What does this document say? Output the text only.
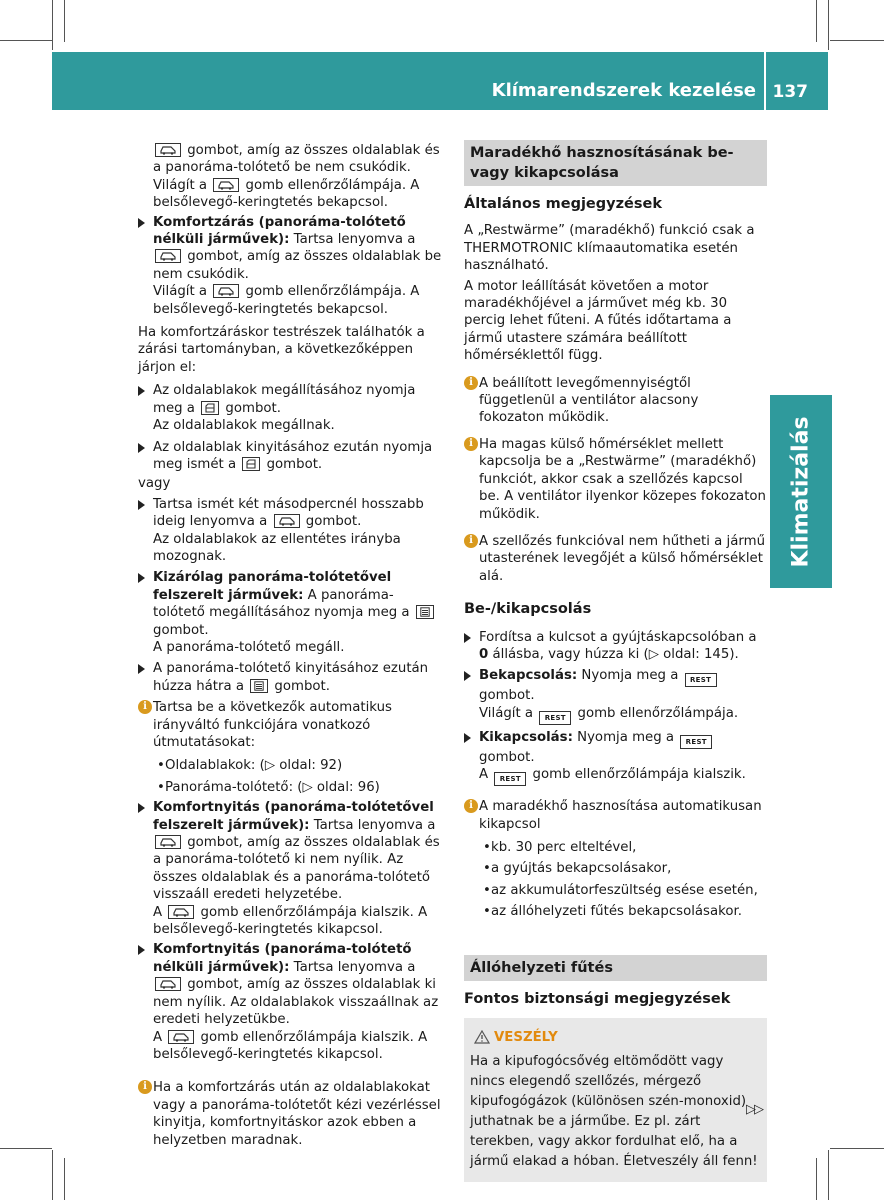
Klímarendszerek kezelése 137
Klimatizálás

gombot, amíg az összes oldalablak és a panoráma-tolótető be nem csukódik.
Világít a
gomb ellenőrzőlámpája. A belsőlevegő-keringtetés bekapcsol.

Komfortzárás (panoráma-tolótető nélküli járművek): Tartsa lenyomva a
gombot, amíg az összes oldalablak be nem csukódik.
Világít a
gomb ellenőrzőlámpája. A belsőlevegő-keringtetés bekapcsol.

Ha komfortzáráskor testrészek találhatók a zárási tartományban, a következőképpen járjon el:

Az oldalablakok megállításához nyomja meg a
gombot.
Az oldalablakok megállnak.
Az oldalablak kinyitásához ezután nyomja meg ismét a
gombot.

vagy

Tartsa ismét két másodpercnél hosszabb ideig lenyomva a
gombot.
Az oldalablakok az ellentétes irányba mozognak.
Kizárólag panoráma-tolótetővel felszerelt járművek: A panoráma-tolótető megállításához nyomja meg a
gombot.
A panoráma-tolótető megáll.
A panoráma-tolótető kinyitásához ezután húzza hátra a
gombot.
i Tartsa be a következők automatikus irányváltó funkciójára vonatkozó útmutatásokat:
• Oldalablakok: (▷ oldal: 92)
• Panoráma-tolótető: (▷ oldal: 96)
Komfortnyitás (panoráma-tolótetővel felszerelt járművek): Tartsa lenyomva a
gombot, amíg az összes oldalablak és a panoráma-tolótető ki nem nyílik. Az összes oldalablak és a panoráma-tolótető visszaáll eredeti helyzetébe.
A
gomb ellenőrzőlámpája kialszik. A belsőlevegő-keringtetés kikapcsol.
Komfortnyitás (panoráma-tolótető nélküli járművek): Tartsa lenyomva a
gombot, amíg az összes oldalablak ki nem nyílik. Az oldalablakok visszaállnak az eredeti helyzetükbe.
A
gomb ellenőrzőlámpája kialszik. A belsőlevegő-keringtetés kikapcsol.
i Ha a komfortzárás után az oldalablakokat vagy a panoráma-tolótetőt kézi vezérléssel kinyitja, komfortnyitáskor azok ebben a helyzetben maradnak.
Maradékhő hasznosításának be- vagy kikapcsolása

Általános megjegyzések

A „Restwärme” (maradékhő) funkció csak a THERMOTRONIC klímaautomatika esetén használható.

A motor leállítását követően a motor maradékhőjével a járművet még kb. 30 percig lehet fűteni. A fűtés időtartama a jármű utastere számára beállított hőmérséklettől függ.

i A beállított levegőmennyiségtől függetlenül a ventilátor alacsony fokozaton működik.
i Ha magas külső hőmérséklet mellett kapcsolja be a „Restwärme” (maradékhő) funkciót, akkor csak a szellőzés kapcsol be. A ventilátor ilyenkor közepes fokozaton működik.
i A szellőzés funkcióval nem hűtheti a jármű utasterének levegőjét a külső hőmérséklet alá.

Be-/kikapcsolás

Fordítsa a kulcsot a gyújtáskapcsolóban a 0 állásba, vagy húzza ki (▷ oldal: 145).
Bekapcsolás: Nyomja meg a REST gombot.
Világít a REST gomb ellenőrzőlámpája.
Kikapcsolás: Nyomja meg a REST gombot.
A REST gomb ellenőrzőlámpája kialszik.
i A maradékhő hasznosítása automatikusan kikapcsol
• kb. 30 perc elteltével,
• a gyújtás bekapcsolásakor,
• az akkumulátorfeszültség esése esetén,
• az állóhelyzeti fűtés bekapcsolásakor.
Állóhelyzeti fűtés

Fontos biztonsági megjegyzések

VESZÉLY
Ha a kipufogócsővég eltömődött vagy nincs elegendő szellőzés, mérgező kipufogógázok (különösen szén-monoxid) juthatnak be a járműbe. Ez pl. zárt terekben, vagy akkor fordulhat elő, ha a jármű elakad a hóban. Életveszély áll fenn!
▷▷
